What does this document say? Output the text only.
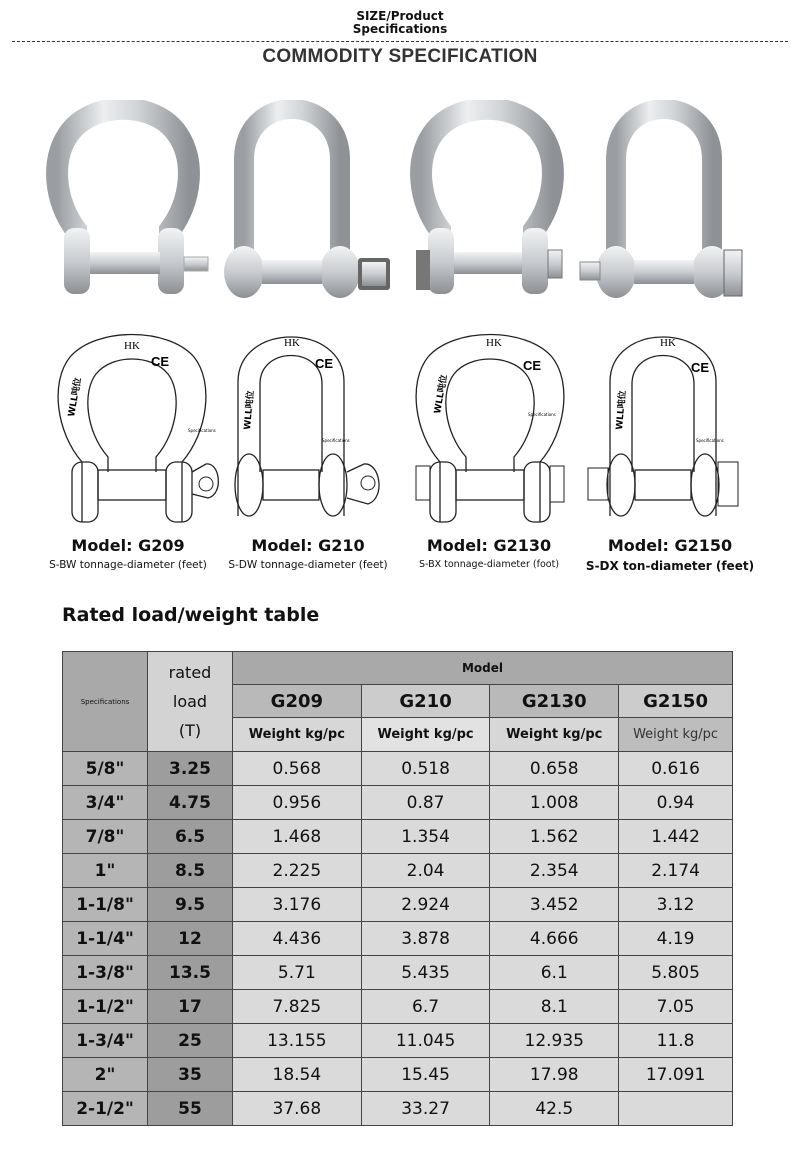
SIZE/Product
Specifications
COMMODITY SPECIFICATION
HK
CE
WLL吨位
Specifications
HK
CE
WLL吨位
Specifications
HK
CE
WLL吨位	Specifications
HK
CE
WLL吨位
Specifications
Model: G209
S-BW tonnage-diameter (feet)
Model: G210
S-DW tonnage-diameter (feet)
Model: G2130
S-BX tonnage-diameter (foot)
Model: G2150
S-DX ton-diameter (feet)
Rated load/weight table
Specifications	rated
load
(T)	Model			
		G209	G210	G2130	G2150
		Weight kg/pc	Weight kg/pc	Weight kg/pc	Weight kg/pc
5/8"	3.25	0.568	0.518	0.658	0.616
3/4"	4.75	0.956	0.87	1.008	0.94
7/8"	6.5	1.468	1.354	1.562	1.442
1"	8.5	2.225	2.04	2.354	2.174
1-1/8"	9.5	3.176	2.924	3.452	3.12
1-1/4"	12	4.436	3.878	4.666	4.19
1-3/8"	13.5	5.71	5.435	6.1	5.805
1-1/2"	17	7.825	6.7	8.1	7.05
1-3/4"	25	13.155	11.045	12.935	11.8
2"	35	18.54	15.45	17.98	17.091
2-1/2"	55	37.68	33.27	42.5	
